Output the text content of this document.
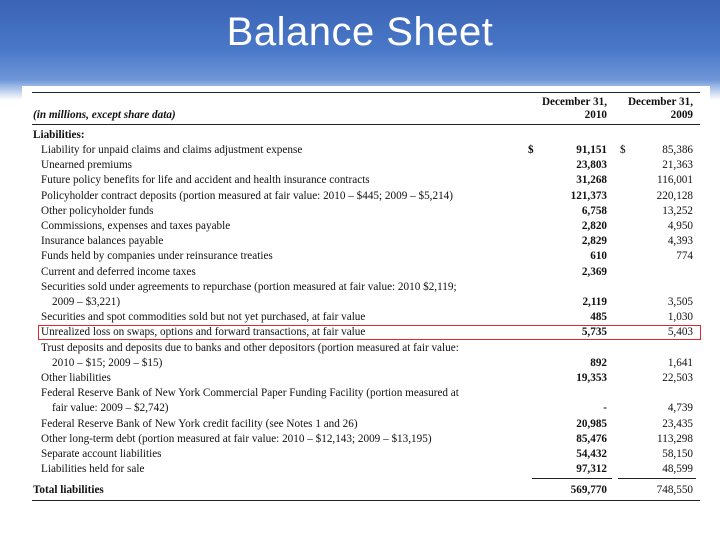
Balance Sheet
December 31,
2010
December 31,
2009
(in millions, except share data)
Liabilities:
$	$
Liability for unpaid claims and claims adjustment expense	91,151	85,386
Unearned premiums	23,803	21,363
Future policy benefits for life and accident and health insurance contracts	31,268	116,001
Policyholder contract deposits (portion measured at fair value: 2010 – $445; 2009 – $5,214)	121,373	220,128
Other policyholder funds	6,758	13,252
Commissions, expenses and taxes payable	2,820	4,950
Insurance balances payable	2,829	4,393
Funds held by companies under reinsurance treaties	610	774
Current and deferred income taxes	2,369
Securities sold under agreements to repurchase (portion measured at fair value: 2010 $2,119;
2009 – $3,221)	2,119	3,505
Securities and spot commodities sold but not yet purchased, at fair value	485	1,030
Unrealized loss on swaps, options and forward transactions, at fair value	5,735	5,403
Trust deposits and deposits due to banks and other depositors (portion measured at fair value:
2010 – $15; 2009 – $15)	892	1,641
Other liabilities	19,353	22,503
Federal Reserve Bank of New York Commercial Paper Funding Facility (portion measured at
fair value: 2009 – $2,742)	-	4,739
Federal Reserve Bank of New York credit facility (see Notes 1 and 26)	20,985	23,435
Other long-term debt (portion measured at fair value: 2010 – $12,143; 2009 – $13,195)	85,476	113,298
Separate account liabilities	54,432	58,150
Liabilities held for sale	97,312	48,599
Total liabilities	569,770	748,550
